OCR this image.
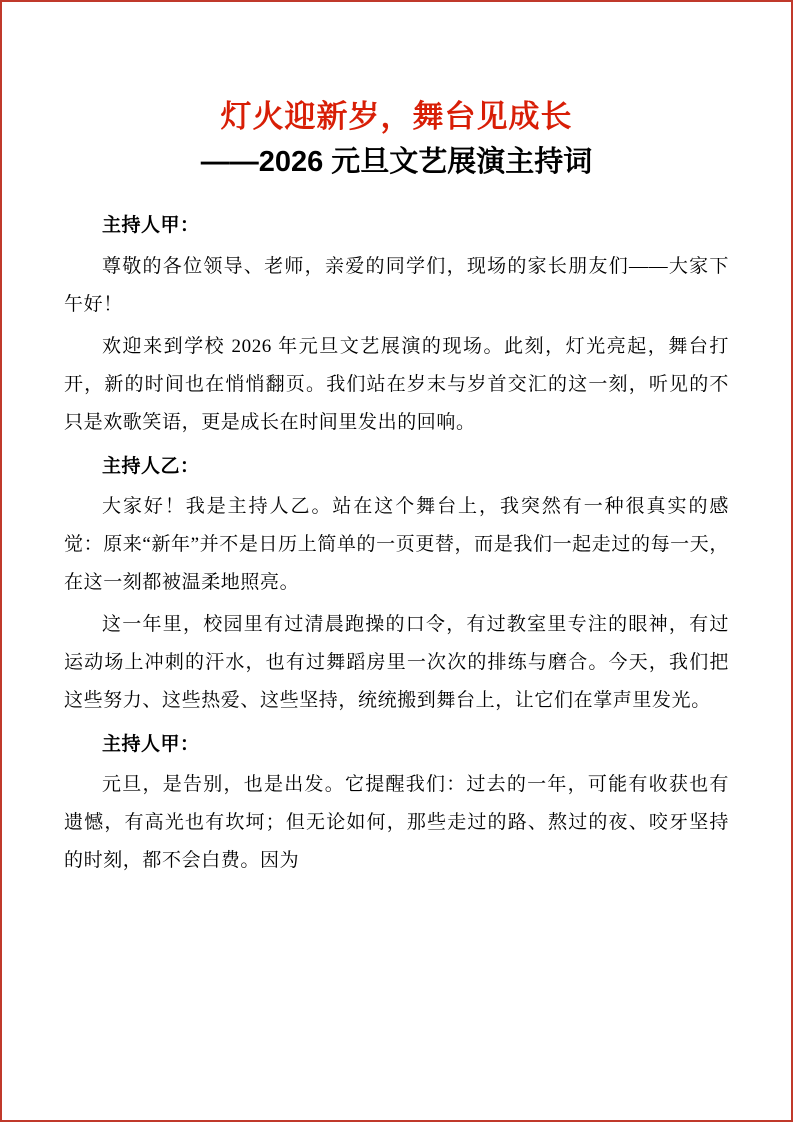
灯火迎新岁，舞台见成长
——2026 元旦文艺展演主持词
主持人甲：

尊敬的各位领导、老师，亲爱的同学们，现场的家长朋友们——大家下午好！

欢迎来到学校 2026 年元旦文艺展演的现场。此刻，灯光亮起，舞台打开，新的时间也在悄悄翻页。我们站在岁末与岁首交汇的这一刻，听见的不只是欢歌笑语，更是成长在时间里发出的回响。

主持人乙：

大家好！我是主持人乙。站在这个舞台上，我突然有一种很真实的感觉：原来“新年”并不是日历上简单的一页更替，而是我们一起走过的每一天，在这一刻都被温柔地照亮。

这一年里，校园里有过清晨跑操的口令，有过教室里专注的眼神，有过运动场上冲刺的汗水，也有过舞蹈房里一次次的排练与磨合。今天，我们把这些努力、这些热爱、这些坚持，统统搬到舞台上，让它们在掌声里发光。

主持人甲：

元旦，是告别，也是出发。它提醒我们：过去的一年，可能有收获也有遗憾，有高光也有坎坷；但无论如何，那些走过的路、熬过的夜、咬牙坚持的时刻，都不会白费。因为
